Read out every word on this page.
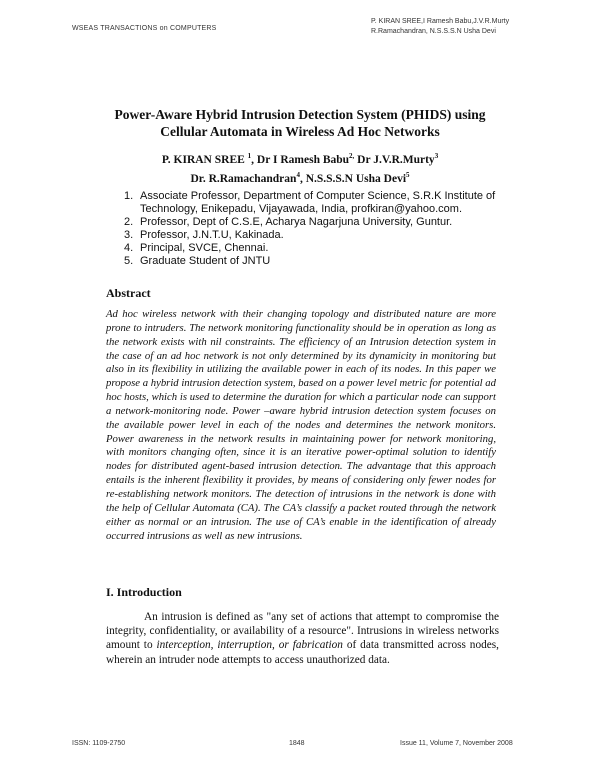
WSEAS TRANSACTIONS on COMPUTERS
P. KIRAN SREE,I Ramesh Babu,J.V.R.Murty
R.Ramachandran, N.S.S.S.N Usha Devi
Power-Aware Hybrid Intrusion Detection System (PHIDS) using
Cellular Automata in Wireless Ad Hoc Networks
P. KIRAN SREE $^1$, Dr I Ramesh Babu$^{2,}$ Dr J.V.R.Murty$^3$
Dr. R.Ramachandran$^4$, N.S.S.S.N Usha Devi$^5$
1. Associate Professor, Department of Computer Science, S.R.K Institute of Technology, Enikepadu, Vijayawada, India, profkiran@yahoo.com.
2. Professor, Dept of C.S.E, Acharya Nagarjuna University, Guntur.
3. Professor, J.N.T.U, Kakinada.
4. Principal, SVCE, Chennai.
5. Graduate Student of JNTU
Abstract

Ad hoc wireless network with their changing topology and distributed nature are more prone to intruders. The network monitoring functionality should be in operation as long as the network exists with nil constraints. The efficiency of an Intrusion detection system in the case of an ad hoc network is not only determined by its dynamicity in monitoring but also in its flexibility in utilizing the available power in each of its nodes. In this paper we propose a hybrid intrusion detection system, based on a power level metric for potential ad hoc hosts, which is used to determine the duration for which a particular node can support a network-monitoring node. Power –aware hybrid intrusion detection system focuses on the available power level in each of the nodes and determines the network monitors. Power awareness in the network results in maintaining power for network monitoring, with monitors changing often, since it is an iterative power-optimal solution to identify nodes for distributed agent-based intrusion detection. The advantage that this approach entails is the inherent flexibility it provides, by means of considering only fewer nodes for re-establishing network monitors. The detection of intrusions in the network is done with the help of Cellular Automata (CA). The CA’s classify a packet routed through the network either as normal or an intrusion. The use of CA’s enable in the identification of already occurred intrusions as well as new intrusions.

I. Introduction

An intrusion is defined as "any set of actions that attempt to compromise the integrity, confidentiality, or availability of a resource". Intrusions in wireless networks amount to interception, interruption, or fabrication of data transmitted across nodes, wherein an intruder node attempts to access unauthorized data.

ISSN: 1109-2750	1848	Issue 11, Volume 7, November 2008
